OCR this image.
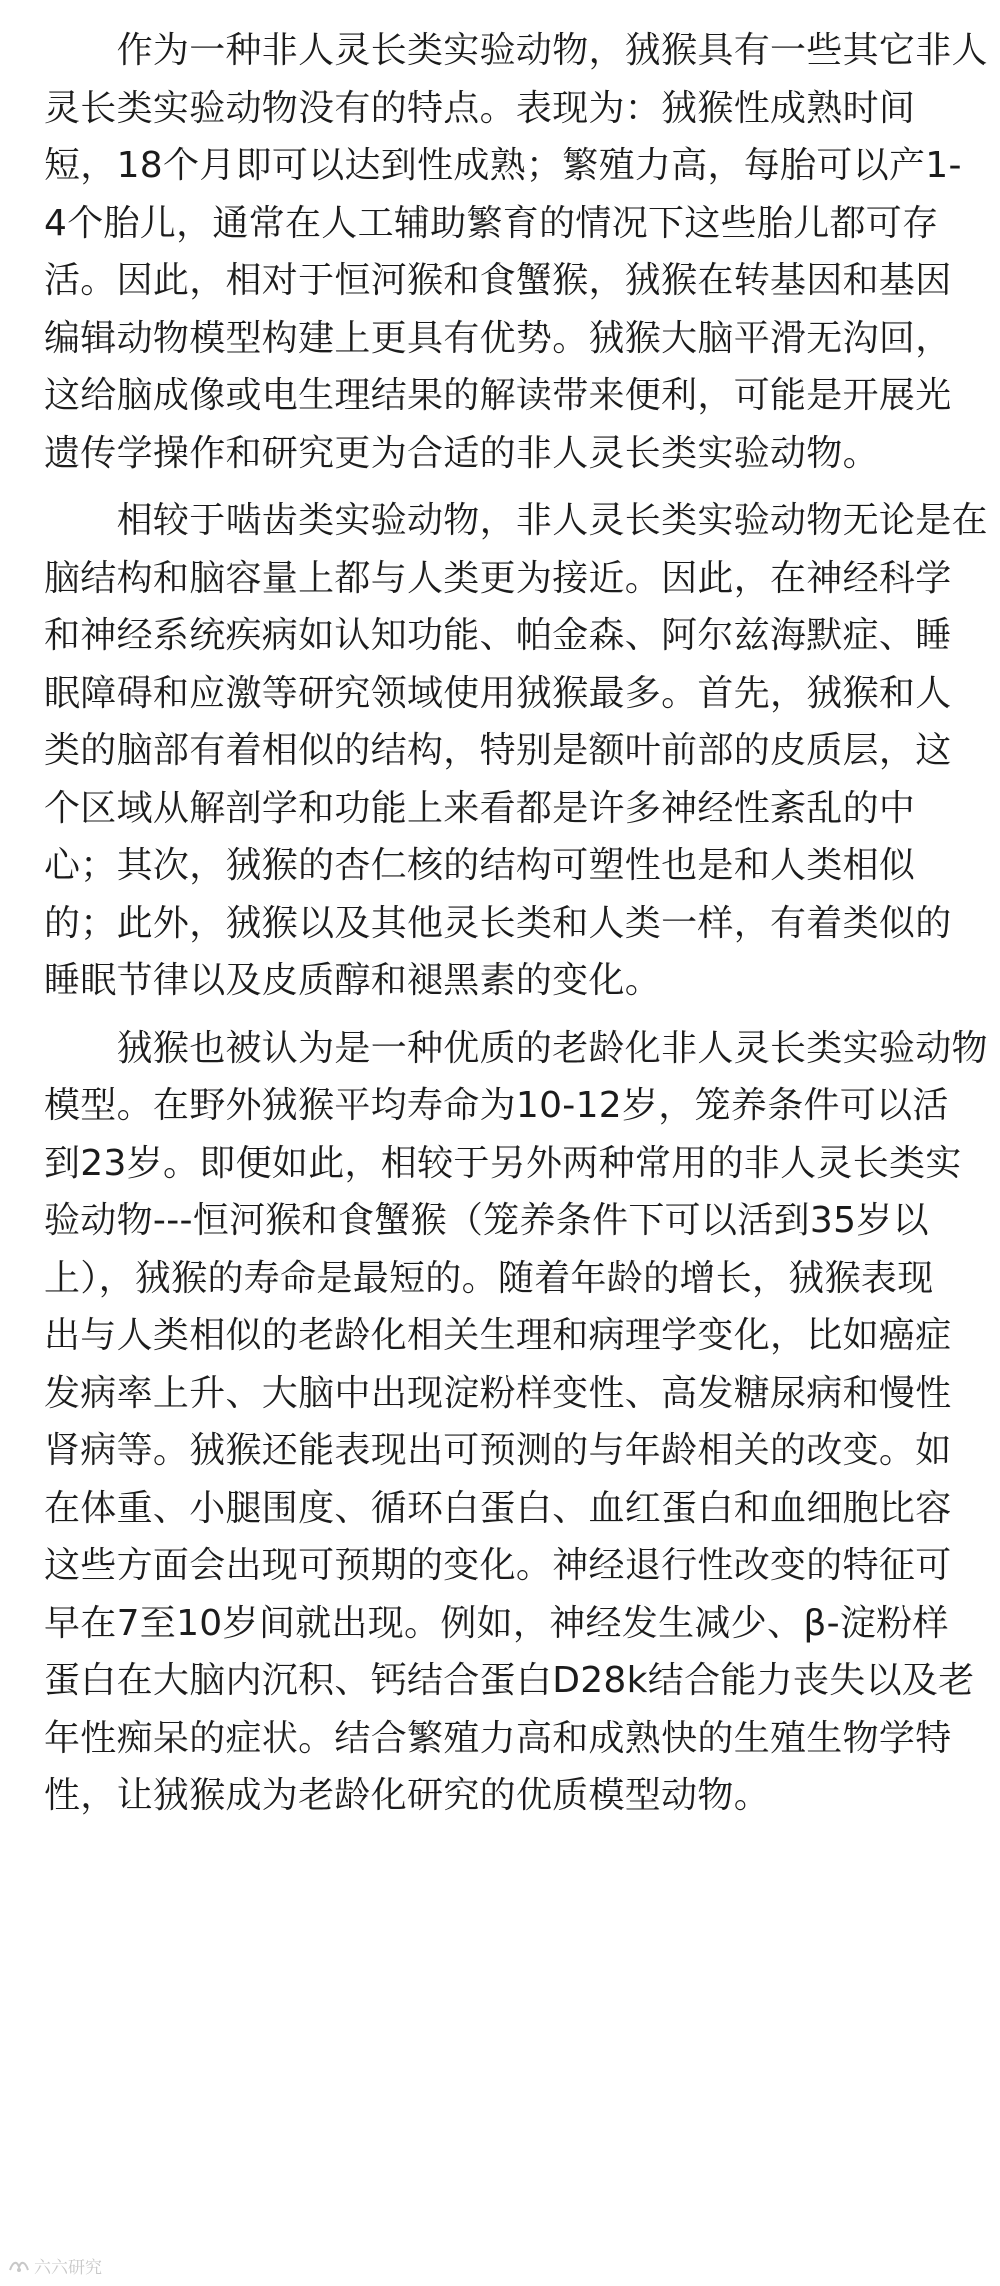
　　作为一种非人灵长类实验动物，狨猴具有一些其它非人
灵长类实验动物没有的特点。表现为：狨猴性成熟时间
短，18个月即可以达到性成熟；繁殖力高，每胎可以产1-
4个胎儿，通常在人工辅助繁育的情况下这些胎儿都可存
活。因此，相对于恒河猴和食蟹猴，狨猴在转基因和基因
编辑动物模型构建上更具有优势。狨猴大脑平滑无沟回，
这给脑成像或电生理结果的解读带来便利，可能是开展光
遗传学操作和研究更为合适的非人灵长类实验动物。
　　相较于啮齿类实验动物，非人灵长类实验动物无论是在
脑结构和脑容量上都与人类更为接近。因此，在神经科学
和神经系统疾病如认知功能、帕金森、阿尔兹海默症、睡
眠障碍和应激等研究领域使用狨猴最多。首先，狨猴和人
类的脑部有着相似的结构，特别是额叶前部的皮质层，这
个区域从解剖学和功能上来看都是许多神经性紊乱的中
心；其次，狨猴的杏仁核的结构可塑性也是和人类相似
的；此外，狨猴以及其他灵长类和人类一样，有着类似的
睡眠节律以及皮质醇和褪黑素的变化。
　　狨猴也被认为是一种优质的老龄化非人灵长类实验动物
模型。在野外狨猴平均寿命为10-12岁，笼养条件可以活
到23岁。即便如此，相较于另外两种常用的非人灵长类实
验动物---恒河猴和食蟹猴（笼养条件下可以活到35岁以
上），狨猴的寿命是最短的。随着年龄的增长，狨猴表现
出与人类相似的老龄化相关生理和病理学变化，比如癌症
发病率上升、大脑中出现淀粉样变性、高发糖尿病和慢性
肾病等。狨猴还能表现出可预测的与年龄相关的改变。如
在体重、小腿围度、循环白蛋白、血红蛋白和血细胞比容
这些方面会出现可预期的变化。神经退行性改变的特征可
早在7至10岁间就出现。例如，神经发生减少、β-淀粉样
蛋白在大脑内沉积、钙结合蛋白D28k结合能力丧失以及老
年性痴呆的症状。结合繁殖力高和成熟快的生殖生物学特
性，让狨猴成为老龄化研究的优质模型动物。
六六研究
